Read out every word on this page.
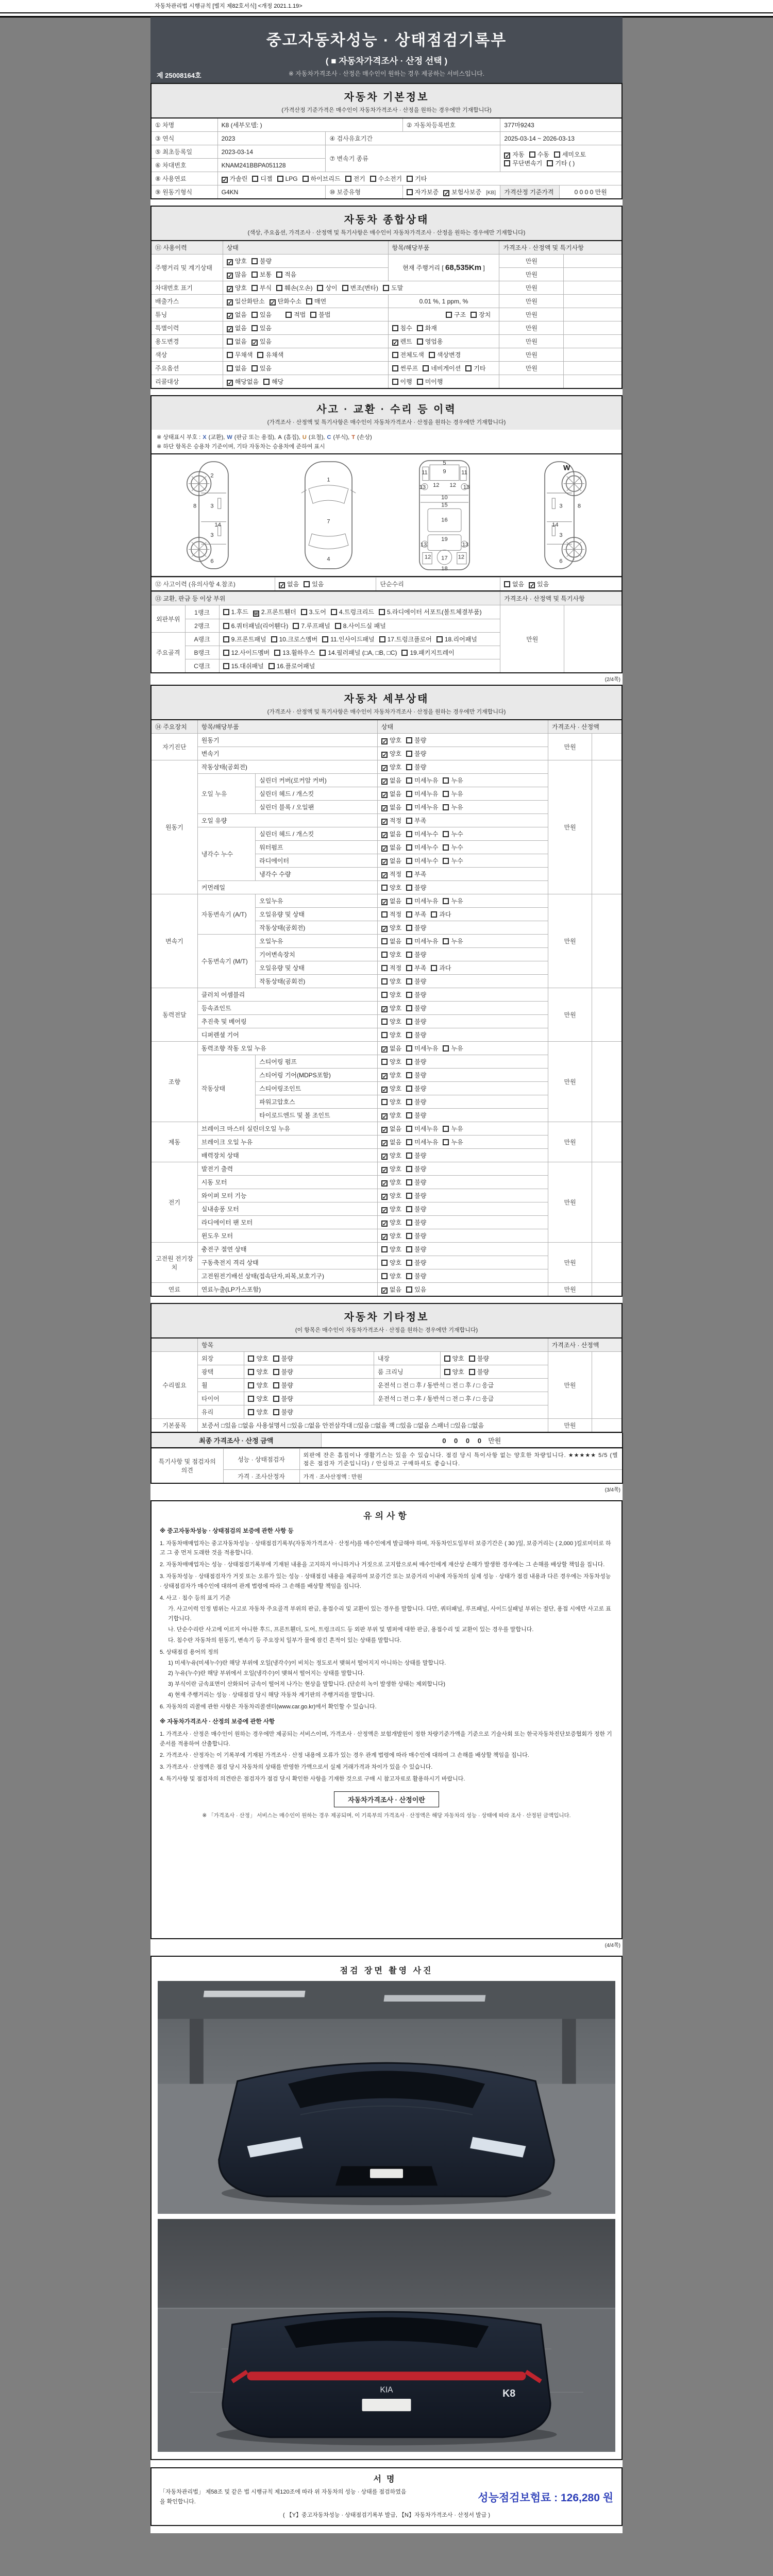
자동차관리법 시행규칙 [별지 제82호서식] <개정 2021.1.19>
중고자동차성능 · 상태점검기록부
( ■ 자동차가격조사 · 산정 선택 )
※ 자동차가격조사 · 산정은 매수인이 원하는 경우 제공하는 서비스입니다.
제 25008164호
자동차 기본정보
(가격산정 기준가격은 매수인이 자동차가격조사 · 산정을 원하는 경우에만 기재합니다)
① 차명	K8 (세부모델: )		② 자동차등록번호	377마9243	
③ 연식	2023	④ 검사유효기간		2025-03-14 ~ 2026-03-13	
⑤ 최초등록일	2023-03-14	⑦ 변속기 종류		✓ 자동 수동 세미오토무단변속기 기타 ( )	
⑥ 차대번호	KNAM241BBPA051128				
⑧ 사용연료	✓ 가솔린 디젤 LPG 하이브리드 전기 수소전기 기타				
⑨ 원동기형식	G4KN	⑩ 보증유형	자가보증 ✓ 보험사보증 [KB]	가격산정 기준가격	0 0 0 0 만원
자동차 종합상태
(색상, 주요옵션, 가격조사 · 산정액 및 특기사항은 매수인이 자동차가격조사 · 산정을 원하는 경우에만 기재합니다)
⑪ 사용이력	상태	항목/해당부품	가격조사 · 산정액 및 특기사항	
주행거리 및 계기상태	✓ 양호 불량	현재 주행거리 [ 68,535Km ]	만원	
	✓ 많음 보통 적음		만원	
차대번호 표기	✓ 양호 부식 훼손(오손) 상이 변조(변타) 도말		만원	
배출가스	✓ 일산화탄소 ✓ 탄화수소 매연	0.01 %, 1 ppm, %	만원	
튜닝	✓ 없음 있음 적법 불법	구조 장치	만원	
특별이력	✓ 없음 있음	침수 화재	만원	
용도변경	없음 ✓ 있음	✓ 렌트 영업용	만원	
색상	무채색 유채색	전체도색 색상변경	만원	
주요옵션	없음 있음	썬루프 네비게이션 기타	만원	
리콜대상	✓ 해당없음 해당	이행 미이행		
사고 · 교환 · 수리 등 이력
(가격조사 · 산정액 및 특기사항은 매수인이 자동차가격조사 · 산정을 원하는 경우에만 기재합니다)
※ 상태표시 부호 : X (교환), W (판금 또는 용접), A (흠집), U (요철), C (부식), T (손상)
※ 하단 항목은 승용차 기준이며, 기타 자동차는 승용차에 준하여 표시
2
8 3
14
3
6
1
7
4
5
9
11	11
13 12 12 13
10
15
16
19
13	13
12 17 12
18
W
3	8
14
3
6
⑫ 사고이력 (유의사항 4.참조)	✓ 없음 있음	단순수리	없음 ✓ 있음
⑬ 교환, 판금 등 이상 부위			가격조사 · 산정액 및 특기사항	
외판부위	1랭크	1.후드 W 2.프론트휀더 3.도어 4.트렁크리드 5.라디에이터 서포트(볼트체결부품)	만원	
	2랭크	6.쿼터패널(리어휀다) 7.루프패널 8.사이드실 패널		
주요골격	A랭크	9.프론트패널 10.크로스멤버 11.인사이드패널 17.트렁크플로어 18.리어패널		
	B랭크	12.사이드멤버 13.휠하우스 14.필러패널 (□A, □B, □C) 19.패키지트레이		
	C랭크	15.대쉬패널 16.플로어패널		
(2/4쪽)
자동차 세부상태
(가격조사 · 산정액 및 특기사항은 매수인이 자동차가격조사 · 산정을 원하는 경우에만 기재합니다)
⑭ 주요장치	항목/해당부품		상태	가격조사 · 산정액	
자기진단	원동기		✓ 양호 불량	만원	
	변속기		✓ 양호 불량		
원동기	작동상태(공회전)		✓ 양호 불량	만원	
	오일 누유	실린더 커버(로커암 커버)	✓ 없음 미세누유 누유		
		실린더 헤드 / 개스킷	✓ 없음 미세누유 누유		
		실린더 블록 / 오일팬	✓ 없음 미세누유 누유		
	오일 유량		✓ 적정 부족		
	냉각수 누수	실린더 헤드 / 개스킷	✓ 없음 미세누수 누수		
		워터펌프	✓ 없음 미세누수 누수		
		라디에이터	✓ 없음 미세누수 누수		
		냉각수 수량	✓ 적정 부족		
	커먼레일		양호 불량		
변속기	자동변속기 (A/T)	오일누유	✓ 없음 미세누유 누유	만원	
		오일유량 및 상태	적정 부족 과다		
		작동상태(공회전)	✓ 양호 불량		
	수동변속기 (M/T)	오일누유	없음 미세누유 누유		
		기어변속장치	양호 불량		
		오일유량 및 상태	적정 부족 과다		
		작동상태(공회전)	양호 불량		
동력전달	클러치 어셈블리		양호 불량	만원	
	등속죠인트		✓ 양호 불량		
	추진축 및 베어링		양호 불량		
	디퍼렌셜 기어		양호 불량		
조향	동력조향 작동 오일 누유		✓ 없음 미세누유 누유	만원	
	작동상태	스티어링 펌프	양호 불량		
		스티어링 기어(MDPS포함)	✓ 양호 불량		
		스티어링조인트	✓ 양호 불량		
		파워고압호스	양호 불량		
		타이로드엔드 및 볼 조인트	✓ 양호 불량		
제동	브레이크 마스터 실린더오일 누유		✓ 없음 미세누유 누유	만원	
	브레이크 오일 누유		✓ 없음 미세누유 누유		
	배력장치 상태		✓ 양호 불량		
전기	발전기 출력		✓ 양호 불량	만원	
	시동 모터		✓ 양호 불량		
	와이퍼 모터 기능		✓ 양호 불량		
	실내송풍 모터		✓ 양호 불량		
	라디에이터 팬 모터		✓ 양호 불량		
	윈도우 모터		✓ 양호 불량		
고전원 전기장치	충전구 절연 상태		양호 불량	만원	
	구동축전지 격리 상태		양호 불량		
	고전원전기배선 상태(접속단자,피복,보호기구)		양호 불량		
연료	연료누출(LP가스포함)		✓ 없음 있음	만원	
자동차 기타정보
(이 항목은 매수인이 자동차가격조사 · 산정을 원하는 경우에만 기재합니다)
	항목				가격조사 · 산정액	
수리필요	외장	양호 불량	내장	양호 불량	만원	
	광택	양호 불량	룸 크리닝	양호 불량		
	휠	양호 불량	운전석 □ 전 □ 후 / 동반석 □ 전 □ 후 / □ 응급			
	타이어	양호 불량	운전석 □ 전 □ 후 / 동반석 □ 전 □ 후 / □ 응급			
	유리	양호 불량				
기본품목	보증서 □있음 □없음 사용설명서 □있음 □없음 안전삼각대 □있음 □없음 잭 □있음 □없음 스패너 □있음 □없음				만원	
최종 가격조사 · 산정 금액	0 0 0 0 만원
특기사항 및 점검자의 의견	성능 · 상태점검자	외판에 잔은 흠집이나 생활기스는 있을 수 있습니다. 점검 당시 특이사항 없는 양호한 차량입니다. ★★★★★ 5/5 (별점은 점검자 기준입니다) / 안심하고 구매하셔도 좋습니다.
	가격 · 조사산정자	가격 · 조사산정액 : 만원
(3/4쪽)
유의사항
※ 중고자동차성능 · 상태점검의 보증에 관한 사항 등
1. 자동차매매업자는 중고자동차성능 · 상태점검기록부(자동차가격조사 · 산정서)를 매수인에게 발급해야 하며, 자동차인도일부터 보증기간은 ( 30 )일, 보증거리는 ( 2,000 )킬로미터로 하고 그 중 먼저 도래한 것을 적용합니다.
2. 자동차매매업자는 성능 · 상태점검기록부에 기재된 내용을 고지하지 아니하거나 거짓으로 고지함으로써 매수인에게 재산상 손해가 발생한 경우에는 그 손해를 배상할 책임을 집니다.
3. 자동차성능 · 상태점검자가 거짓 또는 오류가 있는 성능 · 상태점검 내용을 제공하여 보증기간 또는 보증거리 이내에 자동차의 실제 성능 · 상태가 점검 내용과 다른 경우에는 자동차성능 · 상태점검자가 매수인에 대하여 관계 법령에 따라 그 손해를 배상할 책임을 집니다.
4. 사고 · 침수 등의 표기 기준
가. 사고이력 인정 범위는 사고로 자동차 주요골격 부위의 판금, 용접수리 및 교환이 있는 경우를 말합니다. 다만, 쿼터패널, 루프패널, 사이드실패널 부위는 절단, 용접 시에만 사고로 표기합니다.
나. 단순수리란 사고에 이르지 아니한 후드, 프론트휀더, 도어, 트렁크리드 등 외판 부위 및 범퍼에 대한 판금, 용접수리 및 교환이 있는 경우를 말합니다.
다. 침수란 자동차의 원동기, 변속기 등 주요장치 일부가 물에 잠긴 흔적이 있는 상태를 말합니다.
5. 상태점검 용어의 정의
1) 미세누유(미세누수)란 해당 부위에 오일(냉각수)이 비치는 정도로서 맺혀서 떨어지지 아니하는 상태를 말합니다.
2) 누유(누수)란 해당 부위에서 오일(냉각수)이 맺혀서 떨어지는 상태를 말합니다.
3) 부식이란 금속표면이 산화되어 금속이 떨어져 나가는 현상을 말합니다. (단순히 녹이 발생한 상태는 제외합니다)
4) 현재 주행거리는 성능 · 상태점검 당시 해당 자동차 계기판의 주행거리를 말합니다.
6. 자동차의 리콜에 관한 사항은 자동차리콜센터(www.car.go.kr)에서 확인할 수 있습니다.
※ 자동차가격조사 · 산정의 보증에 관한 사항
1. 가격조사 · 산정은 매수인이 원하는 경우에만 제공되는 서비스이며, 가격조사 · 산정액은 보험개발원이 정한 차량기준가액을 기준으로 기술사회 또는 한국자동차진단보증협회가 정한 기준서를 적용하여 산출합니다.
2. 가격조사 · 산정자는 이 기록부에 기재된 가격조사 · 산정 내용에 오류가 있는 경우 관계 법령에 따라 매수인에 대하여 그 손해를 배상할 책임을 집니다.
3. 가격조사 · 산정액은 점검 당시 자동차의 상태를 반영한 가액으로서 실제 거래가격과 차이가 있을 수 있습니다.
4. 특기사항 및 점검자의 의견란은 점검자가 점검 당시 확인한 사항을 기재한 것으로 구매 시 참고자료로 활용하시기 바랍니다.
자동차가격조사 · 산정이란
※ 「가격조사 · 산정」 서비스는 매수인이 원하는 경우 제공되며, 이 기록부의 가격조사 · 산정액은 해당 자동차의 성능 · 상태에 따라 조사 · 산정된 금액입니다.
(4/4쪽)
점검 장면 촬영 사진
KIA	K8
서명
「자동차관리법」 제58조 및 같은 법 시행규칙 제120조에 따라 위 자동차의 성능 · 상태를 점검하였음을 확인합니다.	성능점검보험료 : 126,280 원
( 【Y】중고자동차성능 · 상태점검기록부 발급, 【N】자동차가격조사 · 산정서 발급 )
